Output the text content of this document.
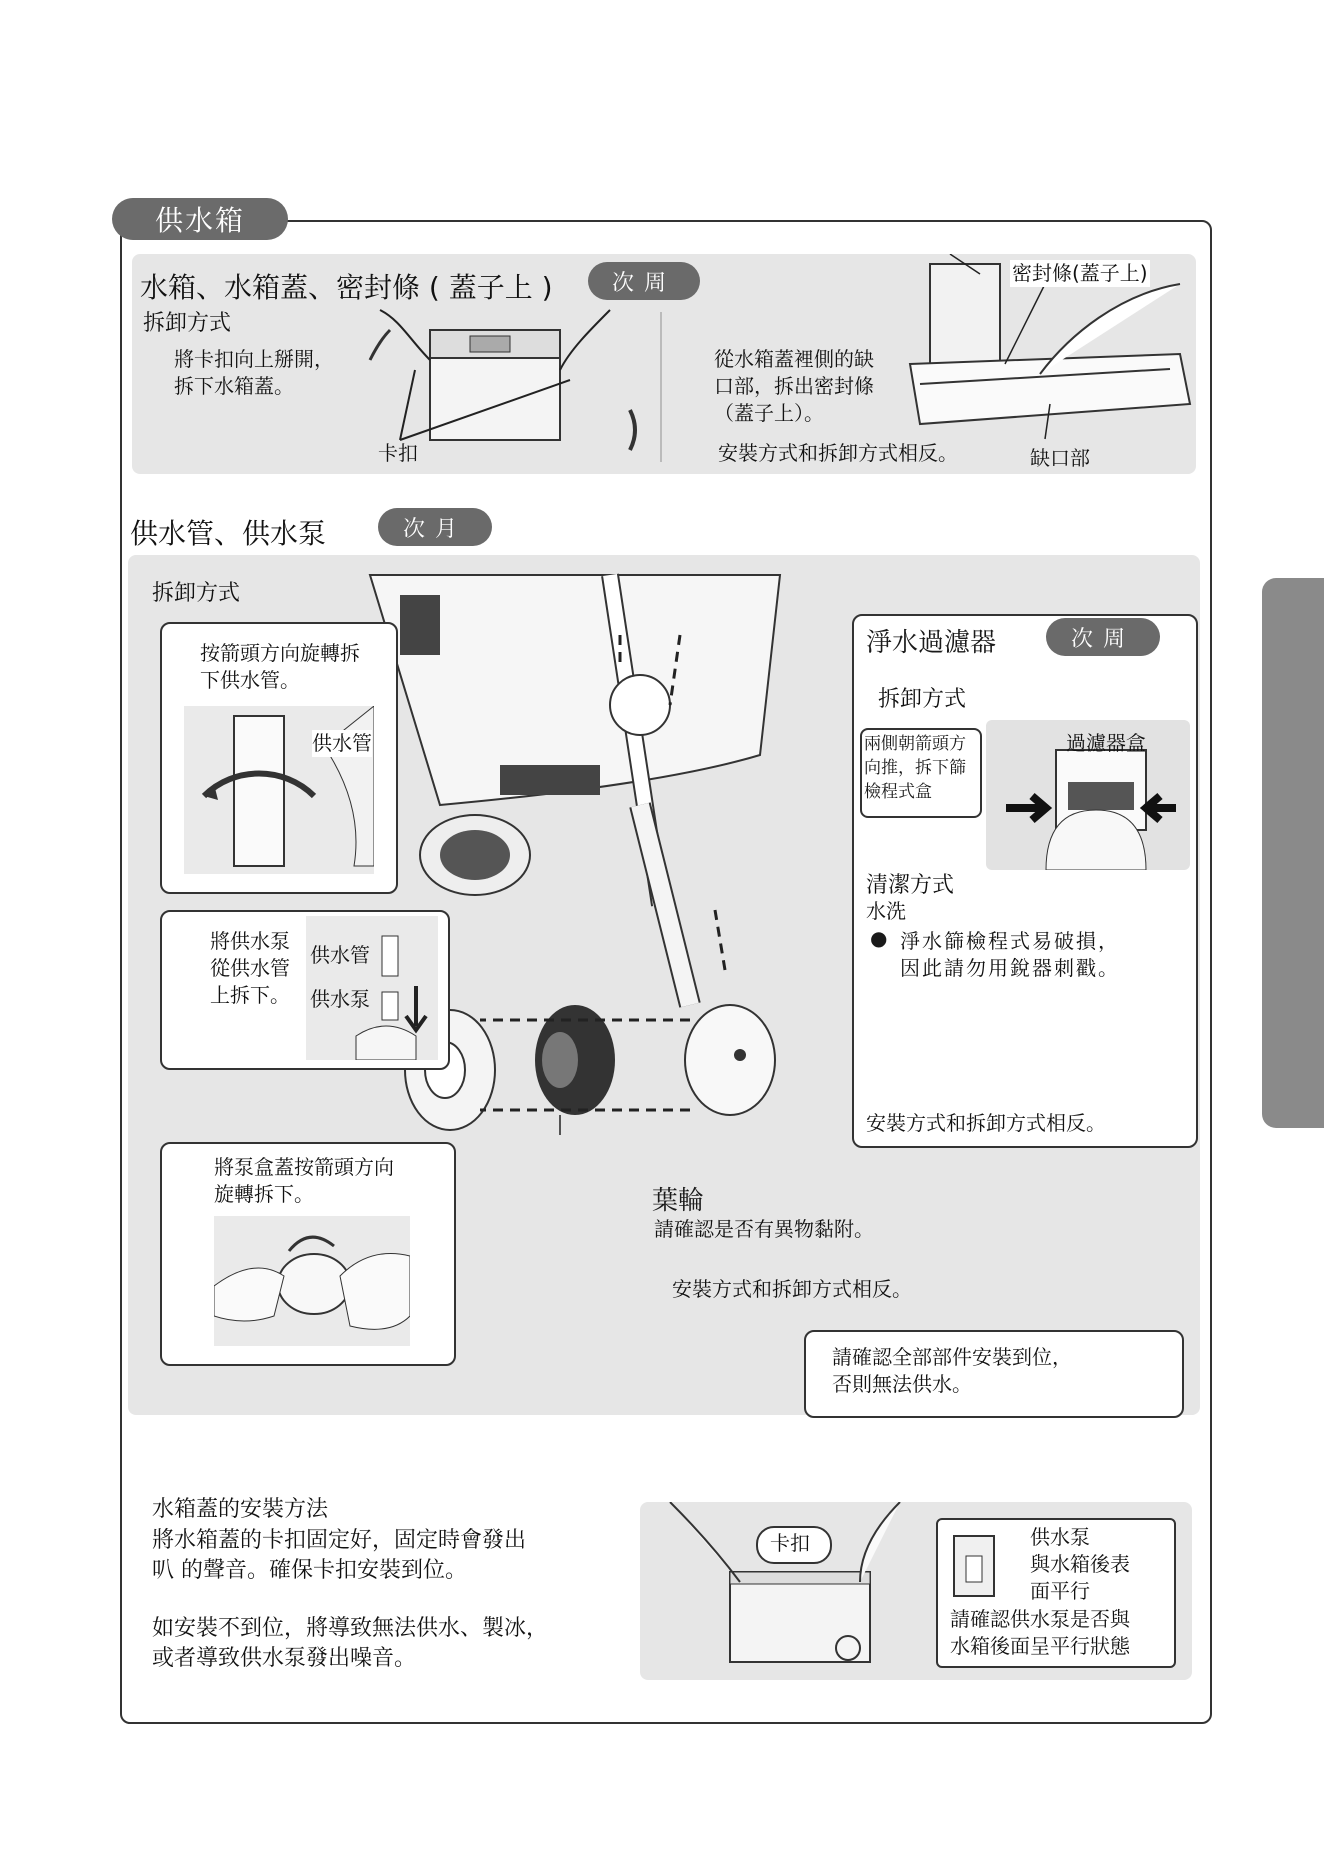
供水箱
水箱、水箱蓋、密封條 ( 蓋子上 )	次周
拆卸方式
將卡扣向上掰開，
拆下水箱蓋。
卡扣
從水箱蓋裡側的缺
口部，拆出密封條
（蓋子上）。
安裝方式和拆卸方式相反。
密封條(蓋子上)
缺口部
供水管、供水泵	次月
拆卸方式
按箭頭方向旋轉拆
下供水管。
供水管
將供水泵
從供水管
上拆下。
供水管
供水泵
將泵盒蓋按箭頭方向
旋轉拆下。	葉輪
請確認是否有異物黏附。
安裝方式和拆卸方式相反。
請確認全部部件安裝到位，
否則無法供水。
淨水過濾器	次周
拆卸方式
過濾器盒
兩側朝箭頭方
向推，拆下篩
檢程式盒
清潔方式
水洗
● 淨水篩檢程式易破損，
因此請勿用銳器刺戳。
安裝方式和拆卸方式相反。
水箱蓋的安裝方法
將水箱蓋的卡扣固定好，固定時會發出
叭 的聲音。確保卡扣安裝到位。
如安裝不到位，將導致無法供水、製冰，
或者導致供水泵發出噪音。
卡扣	供水泵
與水箱後表
面平行
請確認供水泵是否與
水箱後面呈平行狀態
